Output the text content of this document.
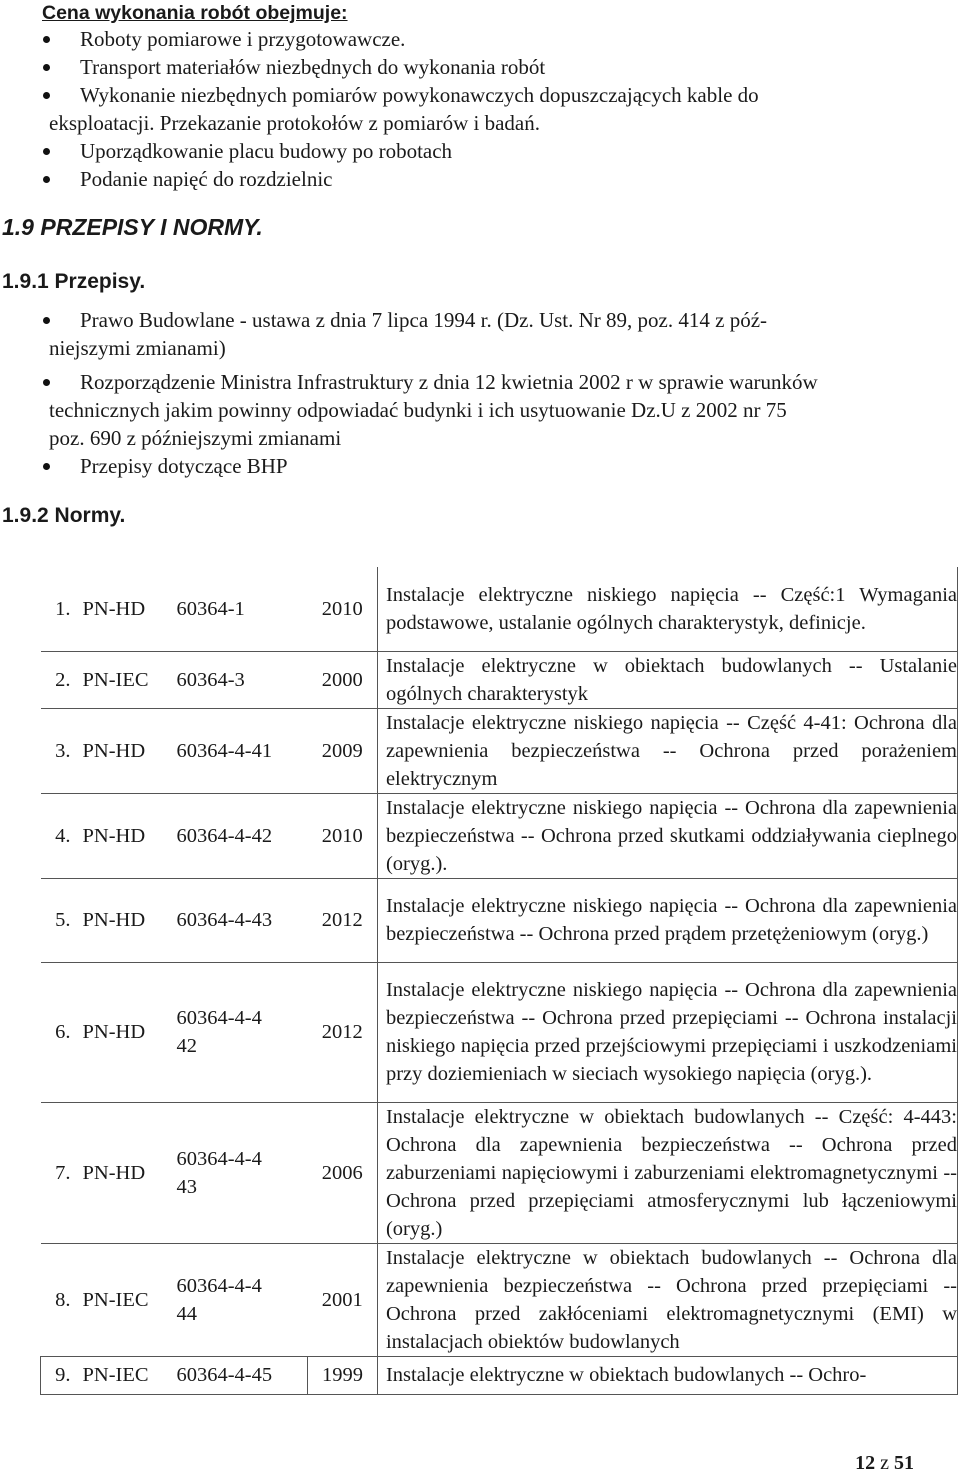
Cena wykonania robót obejmuje:
Roboty pomiarowe i przygotowawcze.
Transport materiałów niezbędnych do wykonania robót
Wykonanie niezbędnych pomiarów powykonawczych dopuszczających kable do
eksploatacji. Przekazanie protokołów z pomiarów i badań.
Uporządkowanie placu budowy po robotach
Podanie napięć do rozdzielnic
1.9 PRZEPISY I NORMY.
1.9.1 Przepisy.
Prawo Budowlane - ustawa z dnia 7 lipca 1994 r. (Dz. Ust. Nr 89, poz. 414 z póź-
niejszymi zmianami)
Rozporządzenie Ministra Infrastruktury z dnia 12 kwietnia 2002 r w sprawie warunków
technicznych jakim powinny odpowiadać budynki i ich usytuowanie Dz.U z 2002 nr 75
poz. 690 z późniejszymi zmianami
Przepisy dotyczące BHP
1.9.2 Normy.
1.	PN-HD	60364-1	2010	Instalacje elektryczne niskiego napięcia -- Część:1 Wymagania podstawowe, ustalanie ogólnych charakterystyk, definicje.
2.	PN-IEC	60364-3	2000	Instalacje elektryczne w obiektach budowlanych -- Ustalanie ogólnych charakterystyk
3.	PN-HD	60364-4-41	2009	Instalacje elektryczne niskiego napięcia -- Część 4-41: Ochrona dla zapewnienia bezpieczeństwa -- Ochrona przed porażeniem elektrycznym
4.	PN-HD	60364-4-42	2010	Instalacje elektryczne niskiego napięcia -- Ochrona dla zapewnienia bezpieczeństwa -- Ochrona przed skutkami oddziaływania cieplnego (oryg.).
5.	PN-HD	60364-4-43	2012	Instalacje elektryczne niskiego napięcia -- Ochrona dla zapewnienia bezpieczeństwa -- Ochrona przed prądem przetężeniowym (oryg.)
6.	PN-HD	60364-4-442	2012	Instalacje elektryczne niskiego napięcia -- Ochrona dla zapewnienia bezpieczeństwa -- Ochrona przed przepięciami -- Ochrona instalacji niskiego napięcia przed przejściowymi przepięciami i uszkodzeniami przy doziemieniach w sieciach wysokiego napięcia (oryg.).
7.	PN-HD	60364-4-443	2006	Instalacje elektryczne w obiektach budowlanych -- Część: 4-443: Ochrona dla zapewnienia bezpieczeństwa -- Ochrona przed zaburzeniami napięciowymi i zaburzeniami elektromagnetycznymi -- Ochrona przed przepięciami atmosferycznymi lub łączeniowymi (oryg.)
8.	PN-IEC	60364-4-444	2001	Instalacje elektryczne w obiektach budowlanych -- Ochrona dla zapewnienia bezpieczeństwa -- Ochrona przed przepięciami -- Ochrona przed zakłóceniami elektromagnetycznymi (EMI) w instalacjach obiektów budowlanych
9.	PN-IEC	60364-4-45	1999	Instalacje elektryczne w obiektach budowlanych -- Ochro-
12 z 51
